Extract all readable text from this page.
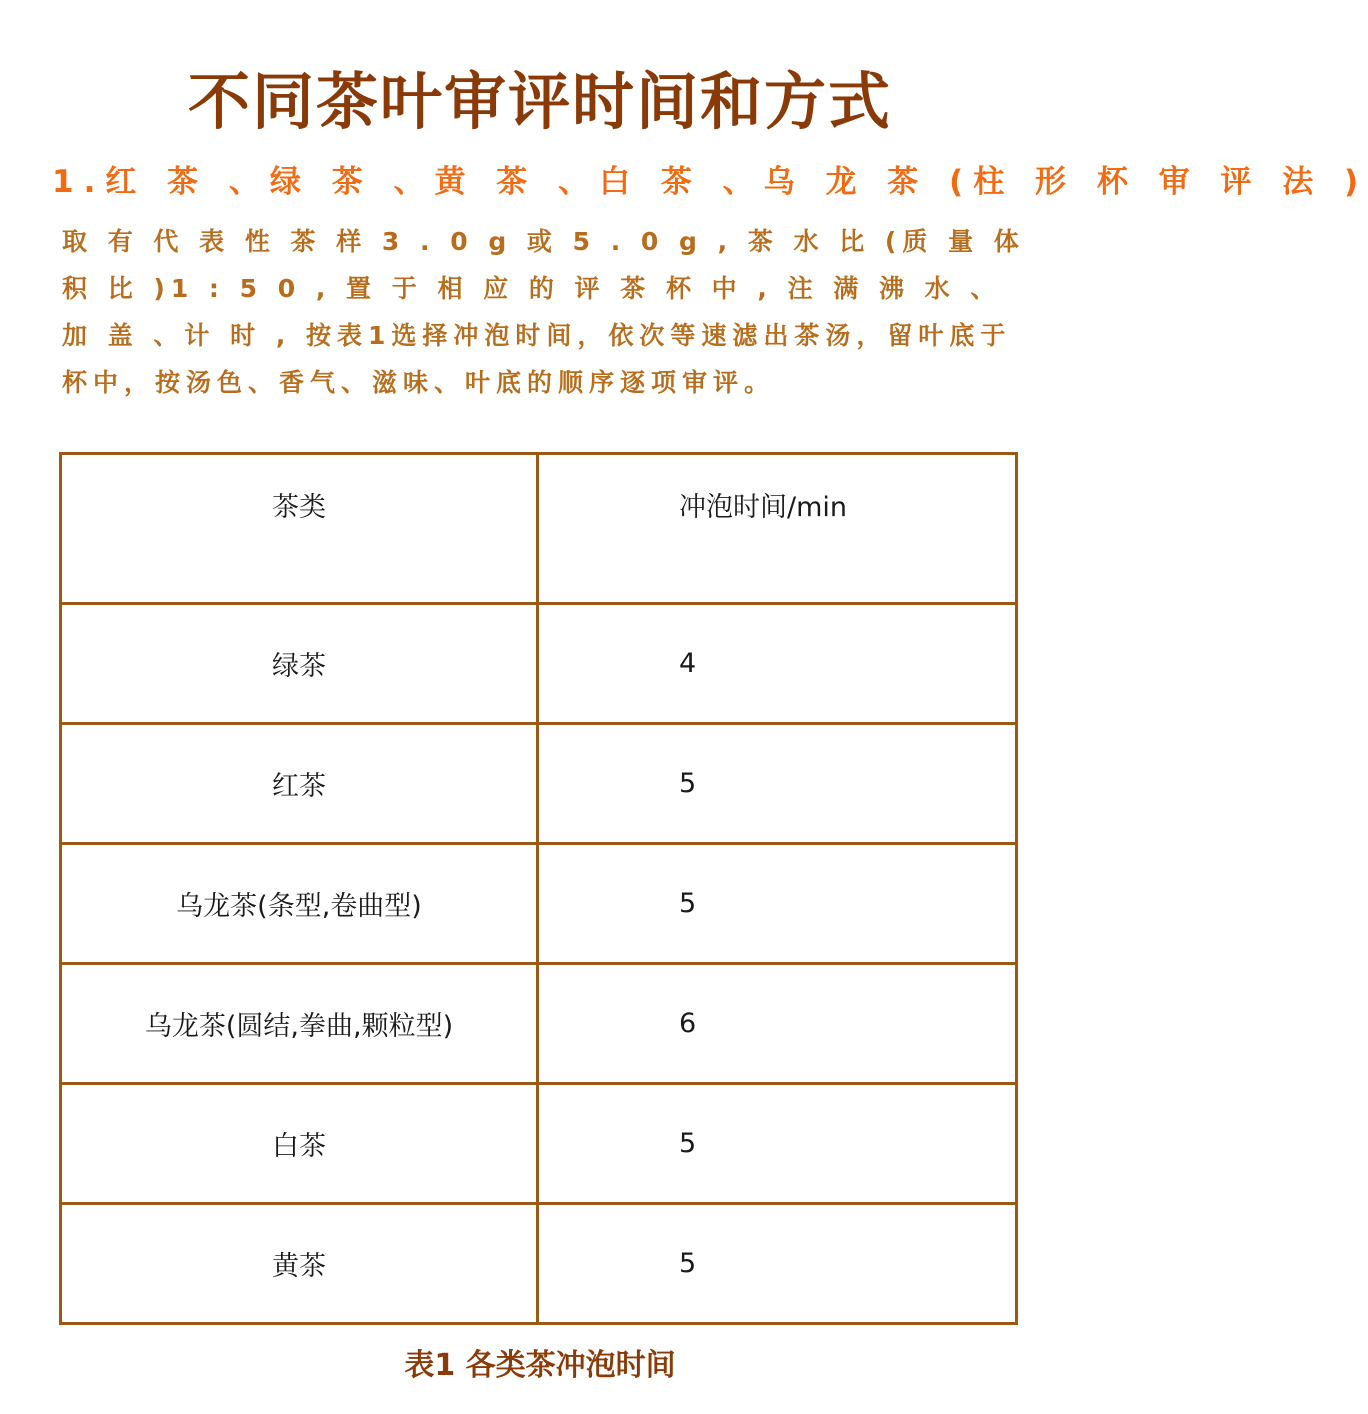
不同茶叶审评时间和方式
1.红 茶 、绿 茶 、黄 茶 、白 茶 、乌 龙 茶 (柱 形 杯 审 评 法 )

取 有 代 表 性 茶 样 3 . 0 g 或 5 . 0 g , 茶 水 比 (质 量 体 积 比 )1 : 5 0 , 置 于 相 应 的 评 茶 杯 中 , 注 满 沸 水 、 加 盖 、计 时 , 按表1选择冲泡时间，依次等速滤出茶汤，留叶底于杯中，按汤色、香气、滋味、叶底的顺序逐项审评。

茶类	冲泡时间/min
绿茶	4
红茶	5
乌龙茶(条型,卷曲型)	5
乌龙茶(圆结,拳曲,颗粒型)	6
白茶	5
黄茶	5

表1 各类茶冲泡时间
